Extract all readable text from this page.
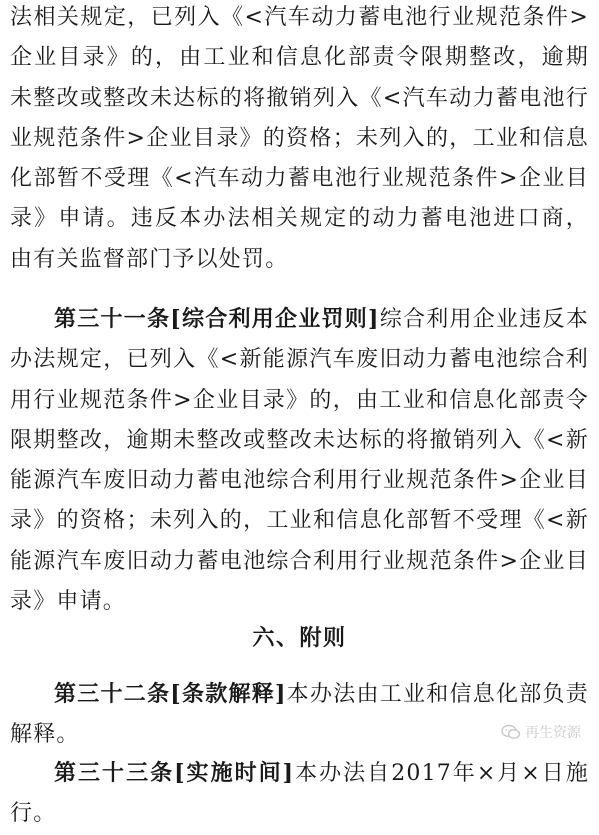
法相关规定，已列入《<汽车动力蓄电池行业规范条件>企业目录》的，由工业和信息化部责令限期整改，逾期未整改或整改未达标的将撤销列入《<汽车动力蓄电池行业规范条件>企业目录》的资格；未列入的，工业和信息化部暂不受理《<汽车动力蓄电池行业规范条件>企业目录》申请。违反本办法相关规定的动力蓄电池进口商，由有关监督部门予以处罚。

第三十一条[综合利用企业罚则]综合利用企业违反本办法规定，已列入《<新能源汽车废旧动力蓄电池综合利用行业规范条件>企业目录》的，由工业和信息化部责令限期整改，逾期未整改或整改未达标的将撤销列入《<新能源汽车废旧动力蓄电池综合利用行业规范条件>企业目录》的资格；未列入的，工业和信息化部暂不受理《<新能源汽车废旧动力蓄电池综合利用行业规范条件>企业目录》申请。

六、附则

第三十二条[条款解释]本办法由工业和信息化部负责解释。

第三十三条[实施时间]本办法自2017年×月×日施行。

再生资源
